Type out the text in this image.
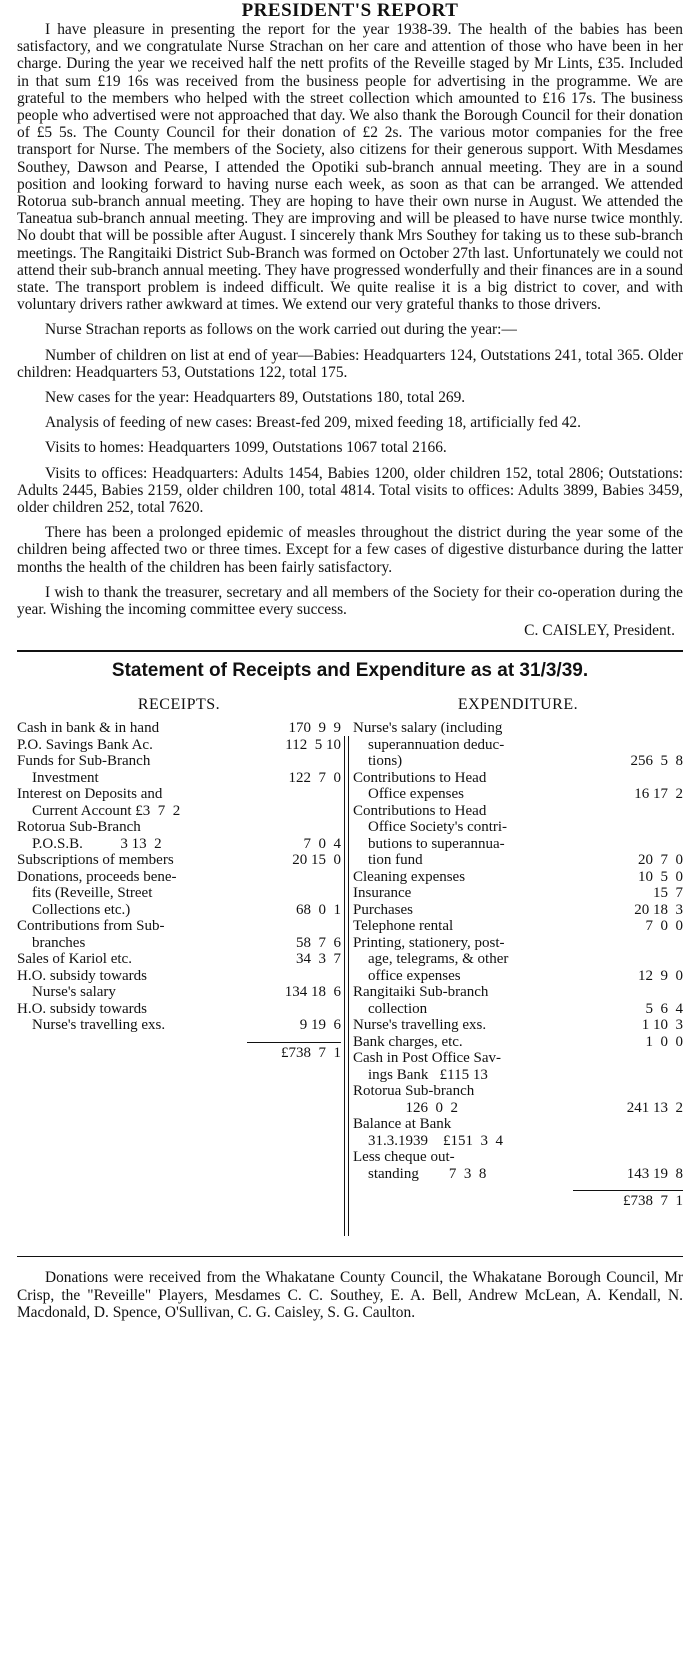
PRESIDENT'S REPORT

I have pleasure in presenting the report for the year 1938-39. The health of the babies has been satisfactory, and we congratulate Nurse Strachan on her care and attention of those who have been in her charge. During the year we received half the nett profits of the Reveille staged by Mr Lints, £35. Included in that sum £19 16s was received from the business people for advertising in the programme. We are grateful to the members who helped with the street collection which amounted to £16 17s. The business people who advertised were not approached that day. We also thank the Borough Council for their donation of £5 5s. The County Council for their donation of £2 2s. The various motor companies for the free transport for Nurse. The members of the Society, also citizens for their generous support. With Mesdames Southey, Dawson and Pearse, I attended the Opotiki sub-branch annual meeting. They are in a sound position and looking forward to having nurse each week, as soon as that can be arranged. We attended Rotorua sub-branch annual meeting. They are hoping to have their own nurse in August. We attended the Taneatua sub-branch annual meeting. They are improving and will be pleased to have nurse twice monthly. No doubt that will be possible after August. I sincerely thank Mrs Southey for taking us to these sub-branch meetings. The Rangitaiki District Sub-Branch was formed on October 27th last. Unfortunately we could not attend their sub-branch annual meeting. They have progressed wonderfully and their finances are in a sound state. The transport problem is indeed difficult. We quite realise it is a big district to cover, and with voluntary drivers rather awkward at times. We extend our very grateful thanks to those drivers.

Nurse Strachan reports as follows on the work carried out during the year:—

Number of children on list at end of year—Babies: Headquarters 124, Outstations 241, total 365. Older children: Headquarters 53, Outstations 122, total 175.

New cases for the year: Headquarters 89, Outstations 180, total 269.

Analysis of feeding of new cases: Breast-fed 209, mixed feeding 18, artificially fed 42.

Visits to homes: Headquarters 1099, Outstations 1067 total 2166.

Visits to offices: Headquarters: Adults 1454, Babies 1200, older children 152, total 2806; Outstations: Adults 2445, Babies 2159, older children 100, total 4814. Total visits to offices: Adults 3899, Babies 3459, older children 252, total 7620.

There has been a prolonged epidemic of measles throughout the district during the year some of the children being affected two or three times. Except for a few cases of digestive disturbance during the latter months the health of the children has been fairly satisfactory.

I wish to thank the treasurer, secretary and all members of the Society for their co-operation during the year. Wishing the incoming committee every success.

C. CAISLEY, President.
Statement of Receipts and Expenditure as at 31/3/39.
RECEIPTS.
Cash in bank & in hand	170  9  9
P.O. Savings Bank Ac.	112  5 10
Funds for Sub-Branch
Investment	122  7  0
Interest on Deposits and
Current Account £3  7  2
Rotorua Sub-Branch
P.O.S.B.          3 13  2	7  0  4
Subscriptions of members	20 15  0
Donations, proceeds bene-
fits (Reveille, Street
Collections etc.)	68  0  1
Contributions from Sub-
branches	58  7  6
Sales of Kariol etc.	34  3  7
H.O. subsidy towards
Nurse's salary	134 18  6
H.O. subsidy towards
Nurse's travelling exs.	9 19  6
£738  7  1
EXPENDITURE.
Nurse's salary (including
superannuation deduc-
tions)	256  5  8
Contributions to Head
Office expenses	16 17  2
Contributions to Head
Office Society's contri-
butions to superannua-
tion fund	20  7  0
Cleaning expenses	10  5  0
Insurance	15  7
Purchases	20 18  3
Telephone rental	7  0  0
Printing, stationery, post-
age, telegrams, & other
office expenses	12  9  0
Rangitaiki Sub-branch
collection	5  6  4
Nurse's travelling exs.	1 10  3
Bank charges, etc.	1  0  0
Cash in Post Office Sav-
ings Bank   £115 13
Rotorua Sub-branch
126  0  2	241 13  2
Balance at Bank
31.3.1939    £151  3  4
Less cheque out-
standing        7  3  8	143 19  8
£738  7  1

Donations were received from the Whakatane County Council, the Whakatane Borough Council, Mr Crisp, the "Reveille" Players, Mesdames C. C. Southey, E. A. Bell, Andrew McLean, A. Kendall, N. Macdonald, D. Spence, O'Sullivan, C. G. Caisley, S. G. Caulton.
